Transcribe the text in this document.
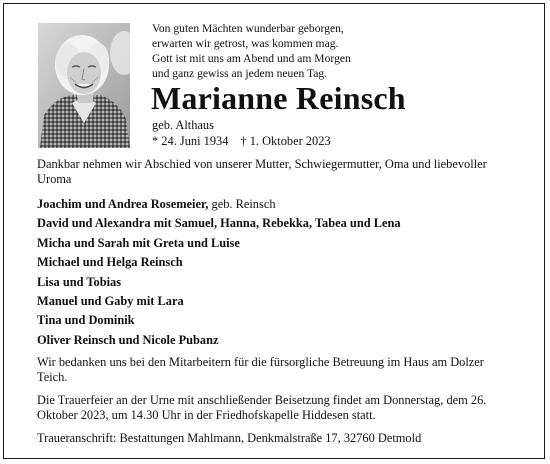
Von guten Mächten wunderbar geborgen,
erwarten wir getrost, was kommen mag.
Gott ist mit uns am Abend und am Morgen
und ganz gewiss an jedem neuen Tag.
Marianne Reinsch
geb. Althaus
* 24. Juni 1934 † 1. Oktober 2023
Dankbar nehmen wir Abschied von unserer Mutter, Schwiegermutter, Oma und liebevoller Uroma
Joachim und Andrea Rosemeier, geb. Reinsch
David und Alexandra mit Samuel, Hanna, Rebekka, Tabea und Lena
Micha und Sarah mit Greta und Luise
Michael und Helga Reinsch
Lisa und Tobias
Manuel und Gaby mit Lara
Tina und Dominik
Oliver Reinsch und Nicole Pubanz
Wir bedanken uns bei den Mitarbeitern für die fürsorgliche Betreuung im Haus am Dolzer Teich.
Die Trauerfeier an der Urne mit anschließender Beisetzung findet am Donnerstag, dem 26. Oktober 2023, um 14.30 Uhr in der Friedhofskapelle Hiddesen statt.
Traueranschrift: Bestattungen Mahlmann, Denkmalstraße 17, 32760 Detmold
